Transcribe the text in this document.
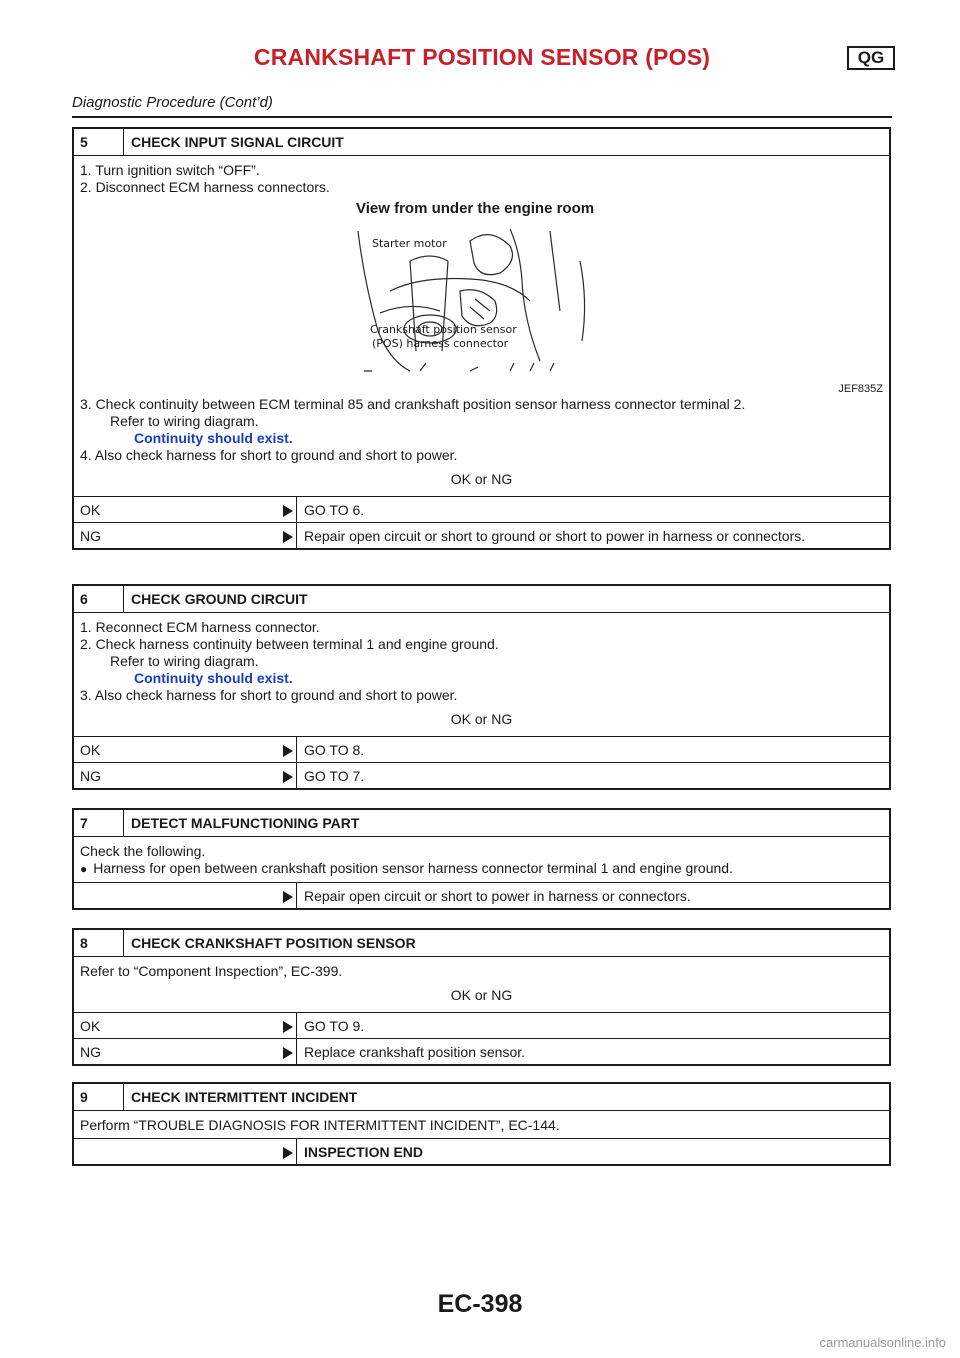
CRANKSHAFT POSITION SENSOR (POS)	QG
Diagnostic Procedure (Cont’d)
5	CHECK INPUT SIGNAL CIRCUIT
1. Turn ignition switch “OFF”.
2. Disconnect ECM harness connectors.
View from under the engine room
Starter motor
Crankshaft position sensor
(POS) harness connector
JEF835Z
3. Check continuity between ECM terminal 85 and crankshaft position sensor harness connector terminal 2.
Refer to wiring diagram.
Continuity should exist.
4. Also check harness for short to ground and short to power.
OK or NG
OK	GO TO 6.
NG	Repair open circuit or short to ground or short to power in harness or connectors.
6	CHECK GROUND CIRCUIT
1. Reconnect ECM harness connector.
2. Check harness continuity between terminal 1 and engine ground.
Refer to wiring diagram.
Continuity should exist.
3. Also check harness for short to ground and short to power.
OK or NG
OK	GO TO 8.
NG	GO TO 7.
7	DETECT MALFUNCTIONING PART
Check the following.
● Harness for open between crankshaft position sensor harness connector terminal 1 and engine ground.
Repair open circuit or short to power in harness or connectors.
8	CHECK CRANKSHAFT POSITION SENSOR
Refer to “Component Inspection”, EC-399.
OK or NG
OK	GO TO 9.
NG	Replace crankshaft position sensor.
9	CHECK INTERMITTENT INCIDENT
Perform “TROUBLE DIAGNOSIS FOR INTERMITTENT INCIDENT”, EC-144.
INSPECTION END
EC-398
carmanualsonline.info
